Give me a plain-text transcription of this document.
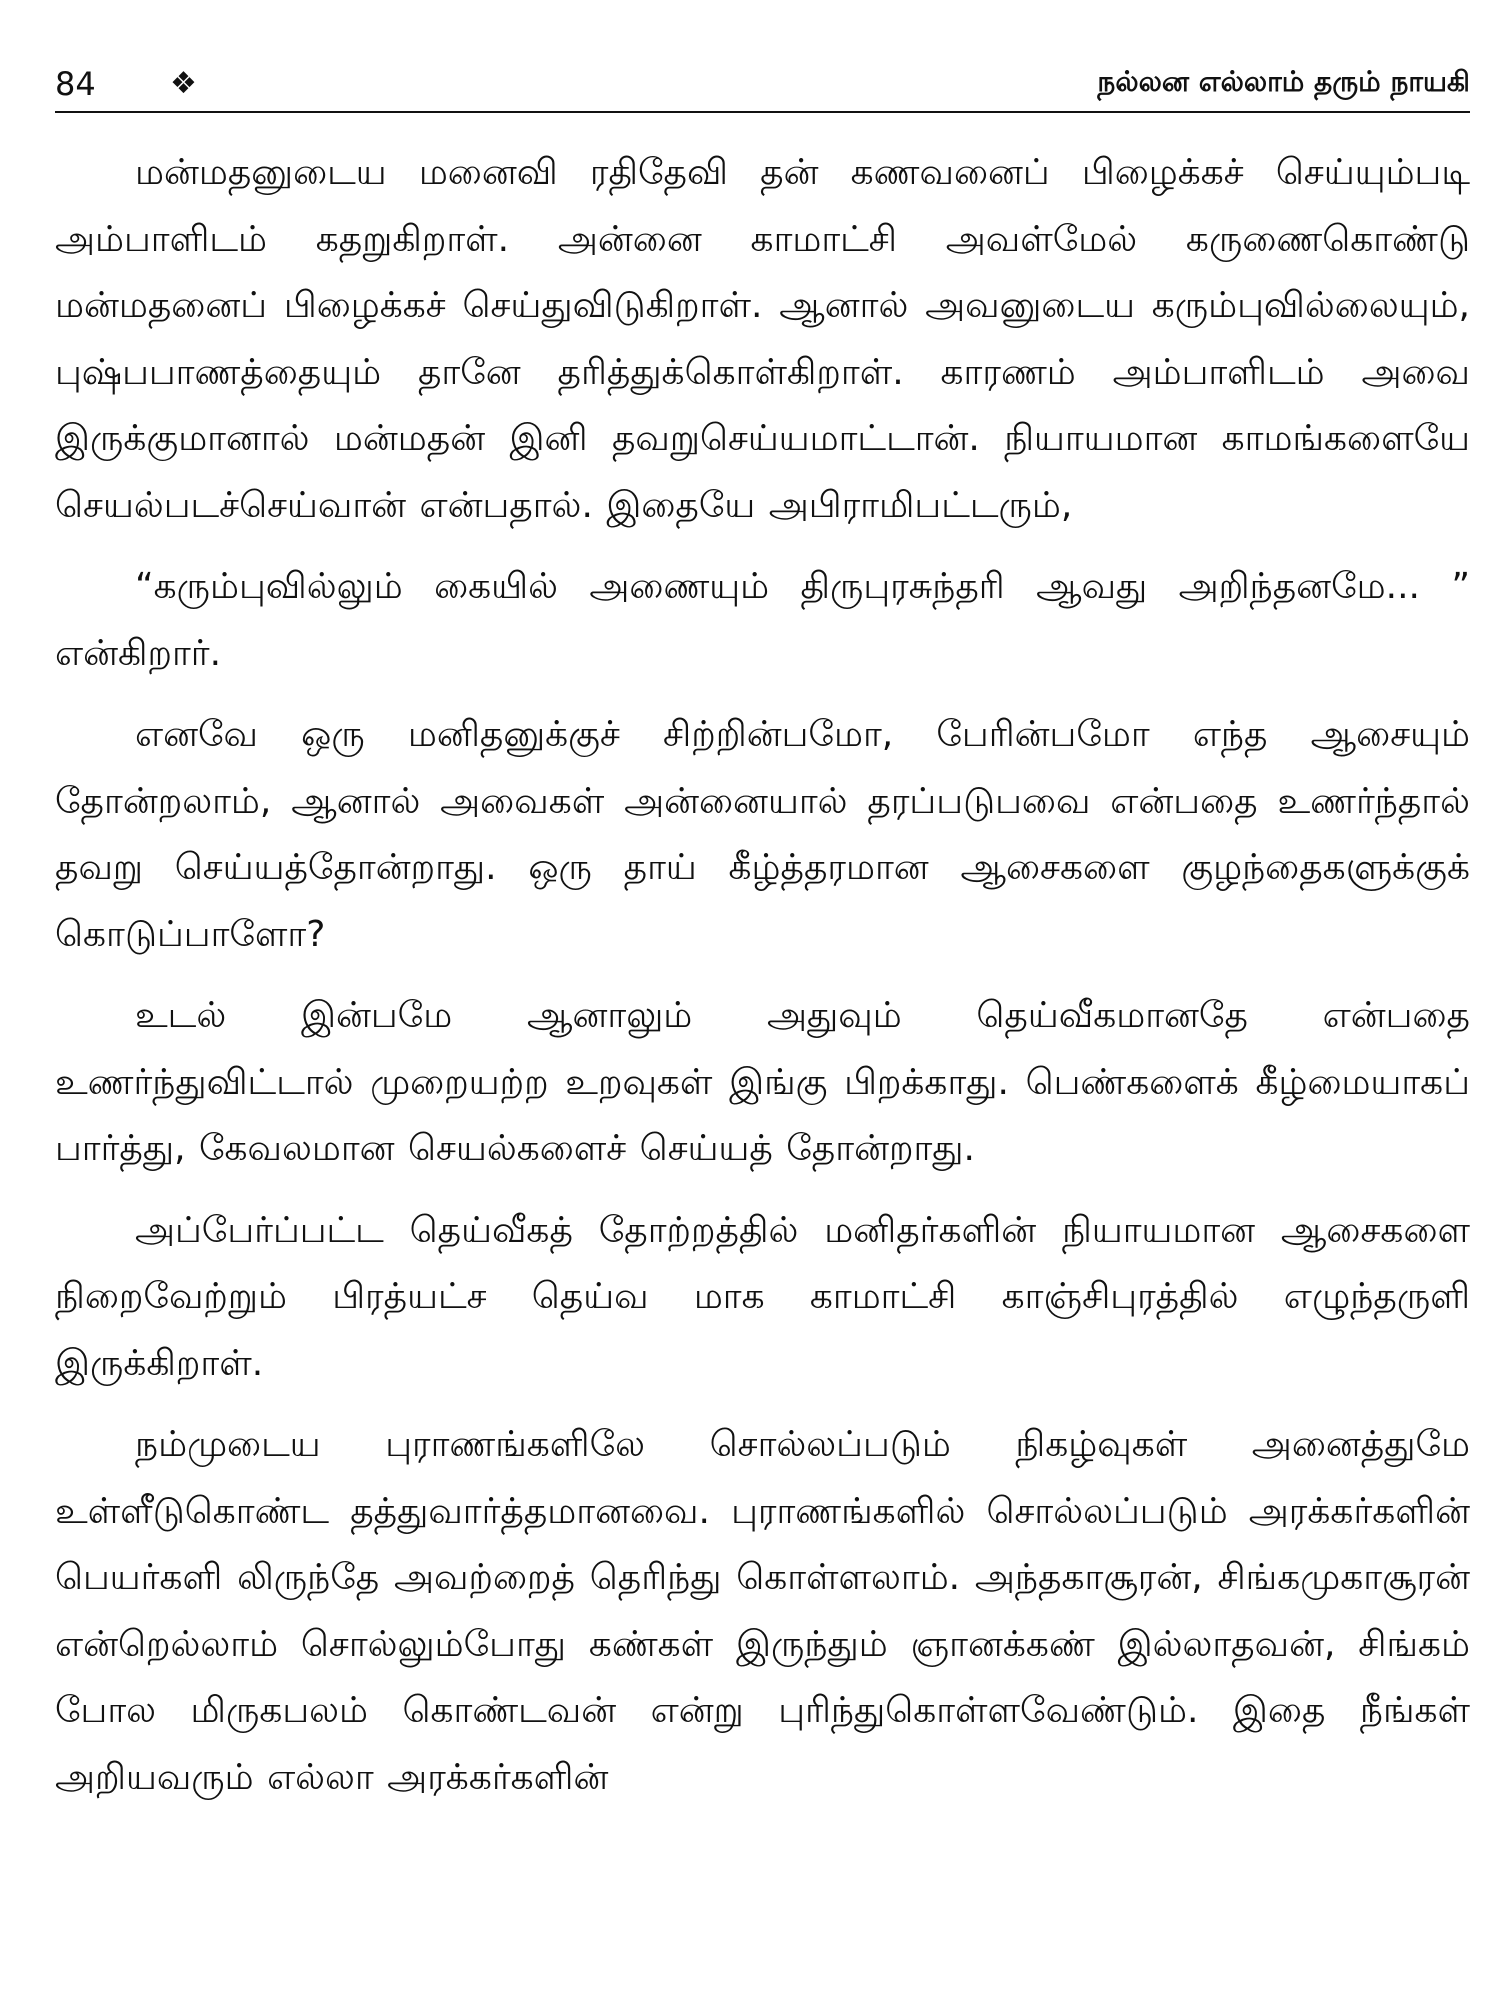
84 ❖	நல்லன எல்லாம் தரும் நாயகி

மன்மதனுடைய மனைவி ரதிதேவி தன் கணவனைப் பிழைக்கச் செய்யும்படி அம்பாளிடம் கதறுகிறாள். அன்னை காமாட்சி அவள்மேல் கருணைகொண்டு மன்மதனைப் பிழைக்கச் செய்துவிடுகிறாள். ஆனால் அவனுடைய கரும்புவில்லையும், புஷ்பபாணத்தையும் தானே தரித்துக்கொள்கிறாள். காரணம் அம்பாளிடம் அவை இருக்குமானால் மன்மதன் இனி தவறுசெய்யமாட்டான். நியாயமான காமங்களையே செயல்படச்செய்வான் என்பதால். இதையே அபிராமிபட்டரும்,

“கரும்புவில்லும் கையில் அணையும் திருபுரசுந்தரி ஆவது அறிந்தனமே... ” என்கிறார்.

எனவே ஒரு மனிதனுக்குச் சிற்றின்பமோ, பேரின்பமோ எந்த ஆசையும் தோன்றலாம், ஆனால் அவைகள் அன்னையால் தரப்படுபவை என்பதை உணர்ந்தால் தவறு செய்யத்தோன்றாது. ஒரு தாய் கீழ்த்தரமான ஆசைகளை குழந்தைகளுக்குக் கொடுப்பாளோ?

உடல் இன்பமே ஆனாலும் அதுவும் தெய்வீகமானதே என்பதை உணர்ந்துவிட்டால் முறையற்ற உறவுகள் இங்கு பிறக்காது. பெண்களைக் கீழ்மையாகப் பார்த்து, கேவலமான செயல்களைச் செய்யத் தோன்றாது.

அப்பேர்ப்பட்ட தெய்வீகத் தோற்றத்தில் மனிதர்களின் நியாயமான ஆசைகளை நிறைவேற்றும் பிரத்யட்ச தெய்வ மாக காமாட்சி காஞ்சிபுரத்தில் எழுந்தருளி இருக்கிறாள்.

நம்முடைய புராணங்களிலே சொல்லப்படும் நிகழ்வுகள் அனைத்துமே உள்ளீடுகொண்ட தத்துவார்த்தமானவை. புராணங்களில் சொல்லப்படும் அரக்கர்களின் பெயர்களி லிருந்தே அவற்றைத் தெரிந்து கொள்ளலாம். அந்தகாசூரன், சிங்கமுகாசூரன் என்றெல்லாம் சொல்லும்போது கண்கள் இருந்தும் ஞானக்கண் இல்லாதவன், சிங்கம் போல மிருகபலம் கொண்டவன் என்று புரிந்துகொள்ளவேண்டும். இதை நீங்கள் அறியவரும் எல்லா அரக்கர்களின்
